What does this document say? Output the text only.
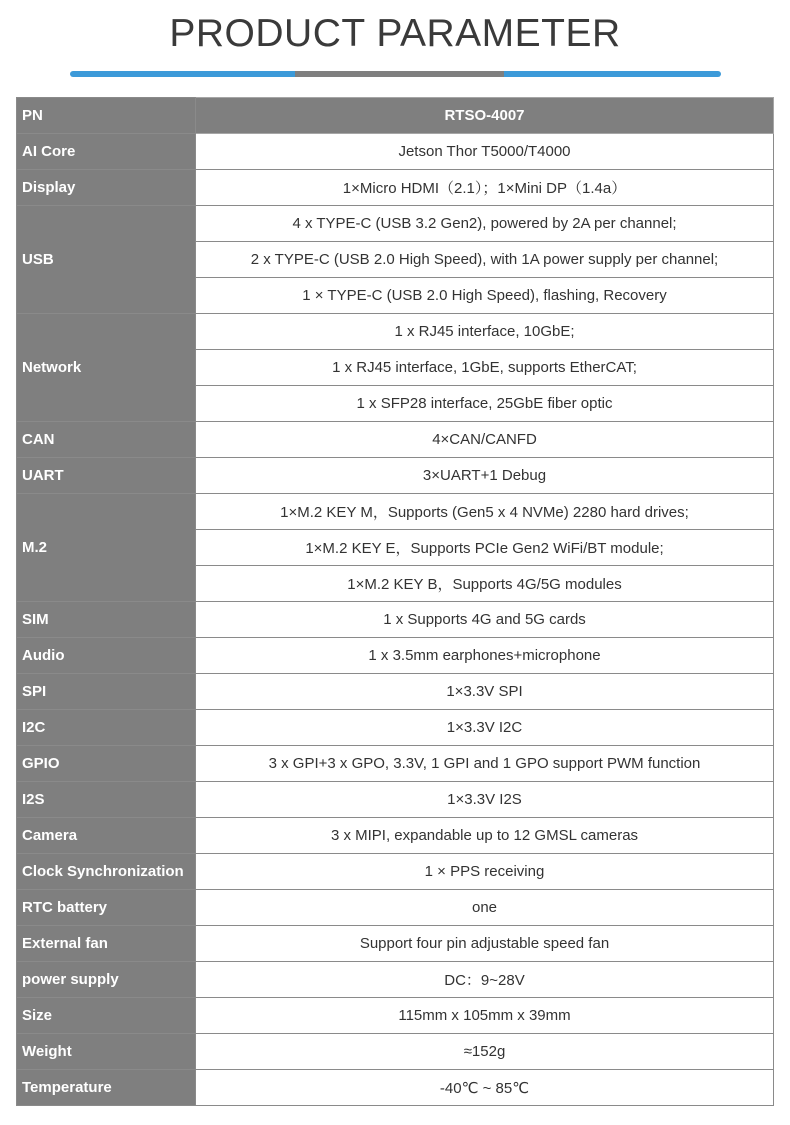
PRODUCT PARAMETER
PN	RTSO-4007
AI Core	Jetson Thor T5000/T4000
Display	1×Micro HDMI（2.1）；1×Mini DP（1.4a）
USB	4 x TYPE-C (USB 3.2 Gen2), powered by 2A per channel;
	2 x TYPE-C (USB 2.0 High Speed), with 1A power supply per channel;
	1 × TYPE-C (USB 2.0 High Speed), flashing, Recovery
Network	1 x RJ45 interface, 10GbE;
	1 x RJ45 interface, 1GbE, supports EtherCAT;
	1 x SFP28 interface, 25GbE fiber optic
CAN	4×CAN/CANFD
UART	3×UART+1 Debug
M.2	1×M.2 KEY M，Supports (Gen5 x 4 NVMe) 2280 hard drives;
	1×M.2 KEY E，Supports PCIe Gen2 WiFi/BT module;
	1×M.2 KEY B，Supports 4G/5G modules
SIM	1 x Supports 4G and 5G cards
Audio	1 x 3.5mm earphones+microphone
SPI	1×3.3V SPI
I2C	1×3.3V I2C
GPIO	3 x GPI+3 x GPO, 3.3V, 1 GPI and 1 GPO support PWM function
I2S	1×3.3V I2S
Camera	3 x MIPI, expandable up to 12 GMSL cameras
Clock Synchronization	1 × PPS receiving
RTC battery	one
External fan	Support four pin adjustable speed fan
power supply	DC：9~28V
Size	115mm x 105mm x 39mm
Weight	≈152g
Temperature	-40℃ ~ 85℃
